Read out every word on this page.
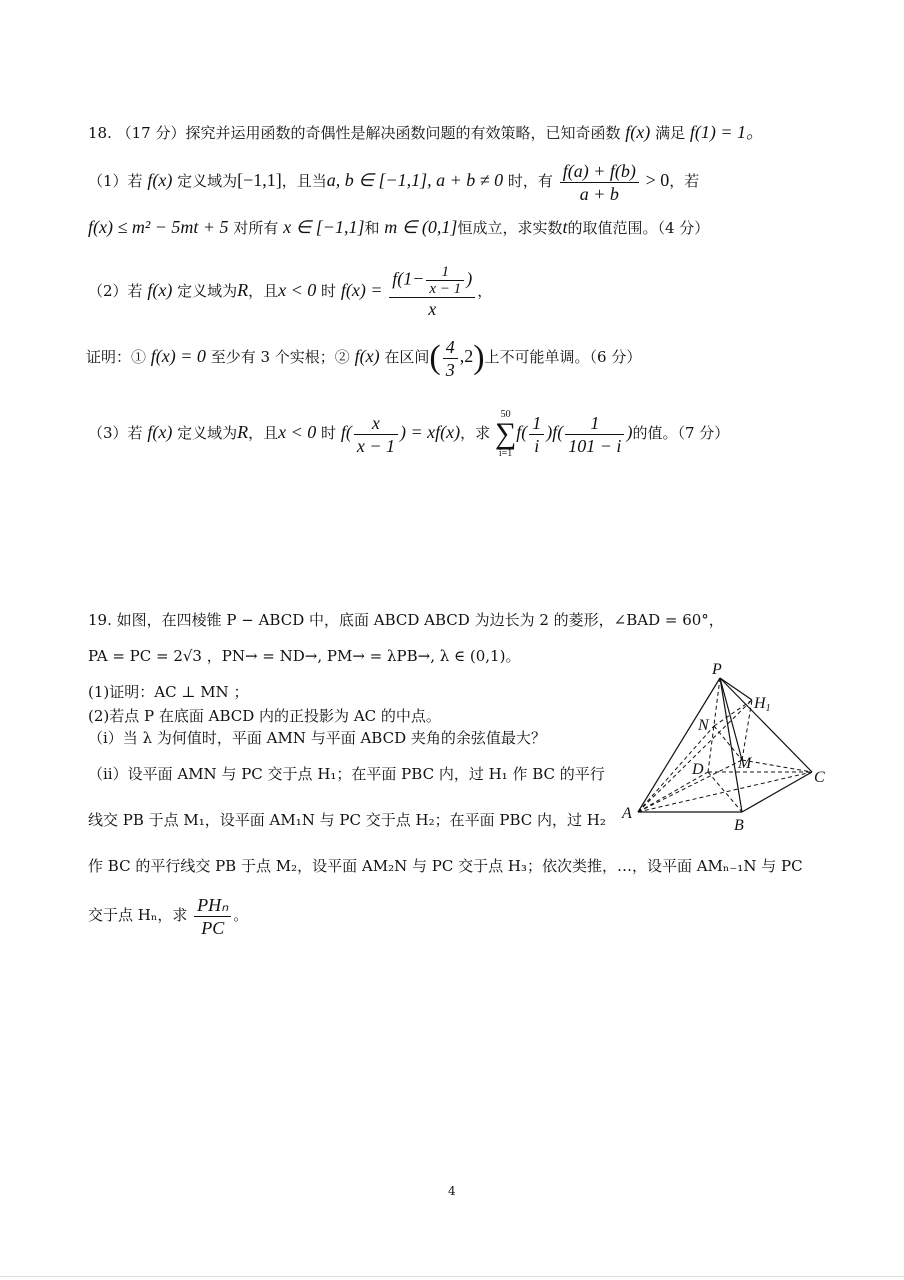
18. （17 分）探究并运用函数的奇偶性是解决函数问题的有效策略，已知奇函数 f(x) 满足 f(1) = 1。
（1）若 f(x) 定义域为[−1,1]，且当a, b ∈ [−1,1], a + b ≠ 0 时，有 $\frac{f(a) + f(b)}{a + b} > 0$，若
f(x) ≤ m² − 5mt + 5 对所有 x ∈ [−1,1]和 m ∈ (0,1]恒成立，求实数t的取值范围。（4 分）
（2）若 f(x) 定义域为R，且x < 0 时 $f(x) = \frac{f(1- \frac{1}{x - 1} )}{x}$ ，
证明：① f(x) = 0 至少有 3 个实根；② f(x) 在区间( $\frac{4}{3} ,2$)上不可能单调。（6 分）
（3）若 f(x) 定义域为R，且x < 0 时 $f( \frac{x}{x - 1}$ ) = xf(x)，求
50
∑
i=1
$f( \frac{1}{i} )f( \frac{1}{101 - i}$ )的值。（7 分）
19. 如图，在四棱锥 P − ABCD 中，底面 ABCD ABCD 为边长为 2 的菱形，∠BAD = 60°，
PA = PC = 2√3 ，PN→ = ND→, PM→ = λPB→, λ ∈ (0,1)。
(1)证明：AC ⊥ MN ；
(2)若点 P 在底面 ABCD 内的正投影为 AC 的中点。
（i）当 λ 为何值时，平面 AMN 与平面 ABCD 夹角的余弦值最大？
（ii）设平面 AMN 与 PC 交于点 H₁；在平面 PBC 内，过 H₁ 作 BC 的平行
线交 PB 于点 M₁，设平面 AM₁N 与 PC 交于点 H₂；在平面 PBC 内，过 H₂
作 BC 的平行线交 PB 于点 M₂，设平面 AM₂N 与 PC 交于点 H₃；依次类推，…，设平面 AMₙ₋₁N 与 PC
交于点 Hₙ，求 $\frac{\text{PHₙ}}{PC}$ 。
P
H1
N
D M
C
A
B
4
